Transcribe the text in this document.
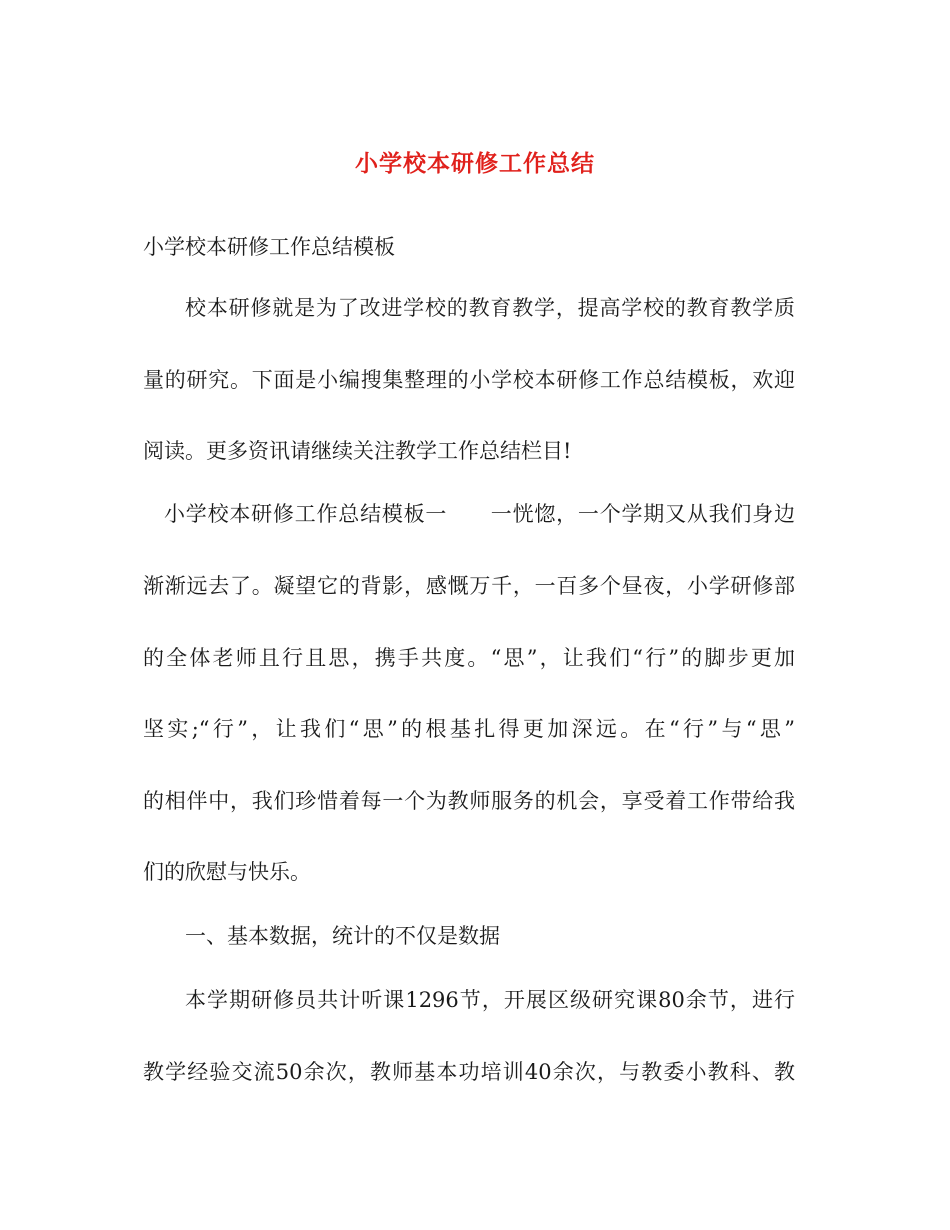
小学校本研修工作总结
小学校本研修工作总结模板
校本研修就是为了改进学校的教育教学，提高学校的教育教学质
量的研究。下面是小编搜集整理的小学校本研修工作总结模板，欢迎
阅读。更多资讯请继续关注教学工作总结栏目!
小学校本研修工作总结模板一　　一恍惚，一个学期又从我们身边
渐渐远去了。凝望它的背影，感慨万千，一百多个昼夜，小学研修部
的全体老师且行且思，携手共度。“思”，让我们“行”的脚步更加
坚实;“行”，让我们“思”的根基扎得更加深远。在“行”与“思”
的相伴中，我们珍惜着每一个为教师服务的机会，享受着工作带给我
们的欣慰与快乐。
一、基本数据，统计的不仅是数据
本学期研修员共计听课1296节，开展区级研究课80余节，进行
教学经验交流50余次，教师基本功培训40余次，与教委小教科、教
